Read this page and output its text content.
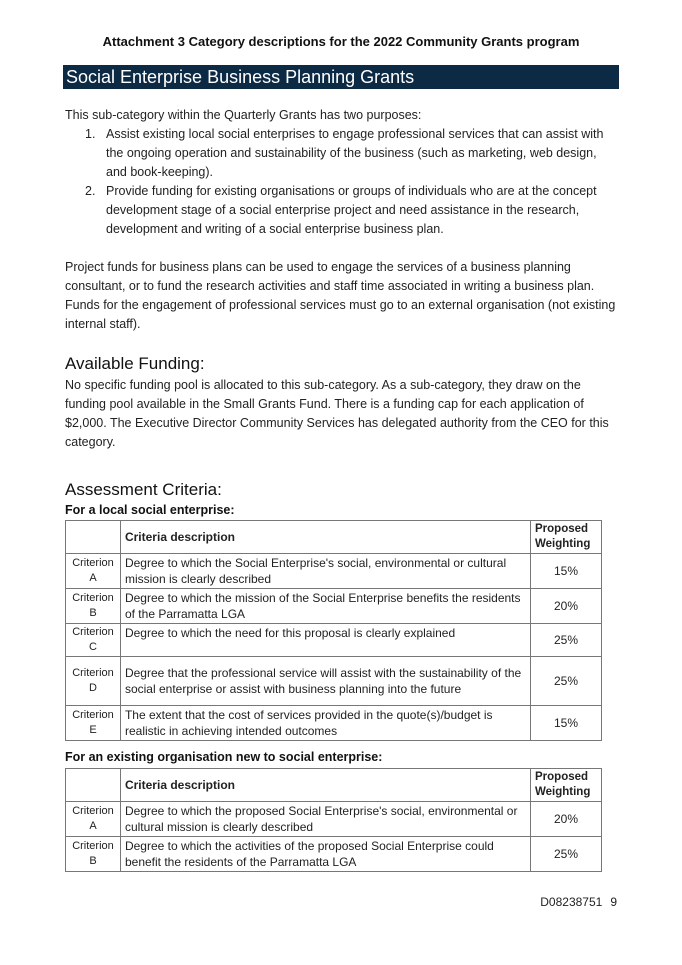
Attachment 3 Category descriptions for the 2022 Community Grants program
Social Enterprise Business Planning Grants
This sub-category within the Quarterly Grants has two purposes:
1. Assist existing local social enterprises to engage professional services that can assist with the ongoing operation and sustainability of the business (such as marketing, web design, and book-keeping).
2. Provide funding for existing organisations or groups of individuals who are at the concept development stage of a social enterprise project and need assistance in the research, development and writing of a social enterprise business plan.
Project funds for business plans can be used to engage the services of a business planning consultant, or to fund the research activities and staff time associated in writing a business plan. Funds for the engagement of professional services must go to an external organisation (not existing internal staff).
Available Funding:
No specific funding pool is allocated to this sub-category. As a sub-category, they draw on the funding pool available in the Small Grants Fund. There is a funding cap for each application of $2,000. The Executive Director Community Services has delegated authority from the CEO for this category.
Assessment Criteria:
For a local social enterprise:
	Criteria description	Proposed Weighting
Criterion A	Degree to which the Social Enterprise's social, environmental or cultural mission is clearly described	15%
Criterion B	Degree to which the mission of the Social Enterprise benefits the residents of the Parramatta LGA	20%
Criterion C	Degree to which the need for this proposal is clearly explained	25%
Criterion D	Degree that the professional service will assist with the sustainability of the social enterprise or assist with business planning into the future	25%
Criterion E	The extent that the cost of services provided in the quote(s)/budget is realistic in achieving intended outcomes	15%
For an existing organisation new to social enterprise:
	Criteria description	Proposed Weighting
Criterion A	Degree to which the proposed Social Enterprise's social, environmental or cultural mission is clearly described	20%
Criterion B	Degree to which the activities of the proposed Social Enterprise could benefit the residents of the Parramatta LGA	25%
D08238751 9
